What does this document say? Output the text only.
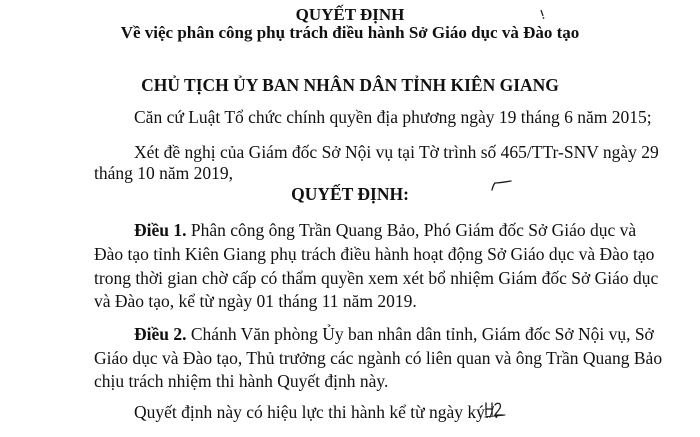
QUYẾT ĐỊNH
Về việc phân công phụ trách điều hành Sở Giáo dục và Đào tạo
CHỦ TỊCH ỦY BAN NHÂN DÂN TỈNH KIÊN GIANG
Căn cứ Luật Tổ chức chính quyền địa phương ngày 19 tháng 6 năm 2015;
Xét đề nghị của Giám đốc Sở Nội vụ tại Tờ trình số 465/TTr-SNV ngày 29
tháng 10 năm 2019,
QUYẾT ĐỊNH:
Điều 1. Phân công ông Trần Quang Bảo, Phó Giám đốc Sở Giáo dục và
Đào tạo tỉnh Kiên Giang phụ trách điều hành hoạt động Sở Giáo dục và Đào tạo
trong thời gian chờ cấp có thẩm quyền xem xét bổ nhiệm Giám đốc Sở Giáo dục
và Đào tạo, kể từ ngày 01 tháng 11 năm 2019.
Điều 2. Chánh Văn phòng Ủy ban nhân dân tỉnh, Giám đốc Sở Nội vụ, Sở
Giáo dục và Đào tạo, Thủ trưởng các ngành có liên quan và ông Trần Quang Bảo
chịu trách nhiệm thi hành Quyết định này.
Quyết định này có hiệu lực thi hành kể từ ngày ký./.
